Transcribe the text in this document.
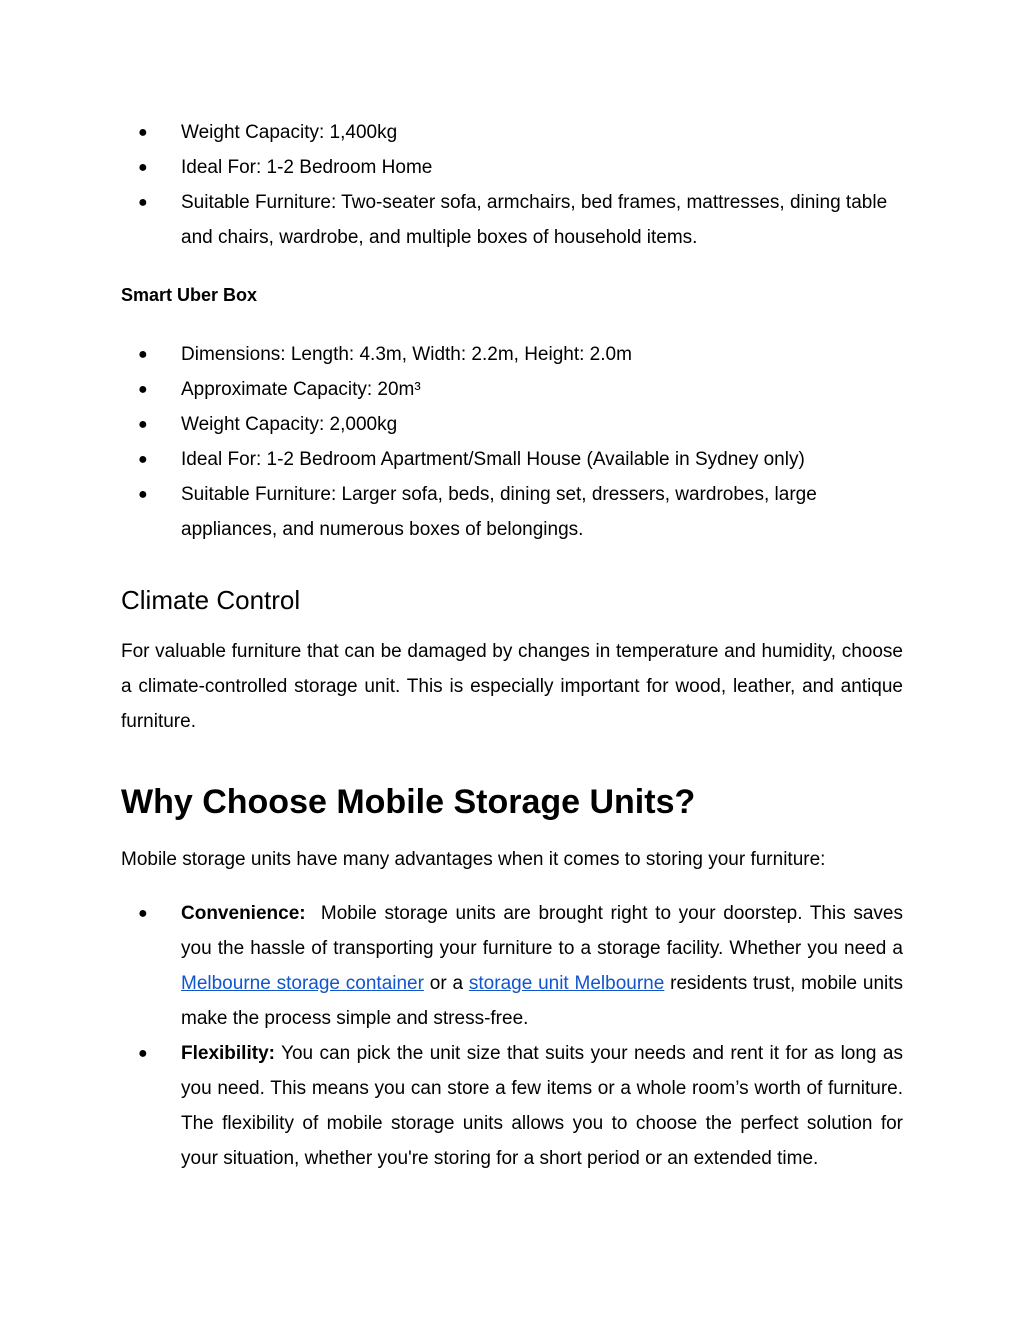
● Weight Capacity: 1,400kg
● Ideal For: 1-2 Bedroom Home
● Suitable Furniture: Two-seater sofa, armchairs, bed frames, mattresses, dining table and chairs, wardrobe, and multiple boxes of household items.
Smart Uber Box
● Dimensions: Length: 4.3m, Width: 2.2m, Height: 2.0m
● Approximate Capacity: 20m³
● Weight Capacity: 2,000kg
● Ideal For: 1-2 Bedroom Apartment/Small House (Available in Sydney only)
● Suitable Furniture: Larger sofa, beds, dining set, dressers, wardrobes, large appliances, and numerous boxes of belongings.
Climate Control

For valuable furniture that can be damaged by changes in temperature and humidity, choose a climate-controlled storage unit. This is especially important for wood, leather, and antique furniture.

Why Choose Mobile Storage Units?

Mobile storage units have many advantages when it comes to storing your furniture:

● Convenience: Mobile storage units are brought right to your doorstep. This saves you the hassle of transporting your furniture to a storage facility. Whether you need a Melbourne storage container or a storage unit Melbourne residents trust, mobile units make the process simple and stress-free.
● Flexibility: You can pick the unit size that suits your needs and rent it for as long as you need. This means you can store a few items or a whole room’s worth of furniture. The flexibility of mobile storage units allows you to choose the perfect solution for your situation, whether you're storing for a short period or an extended time.
